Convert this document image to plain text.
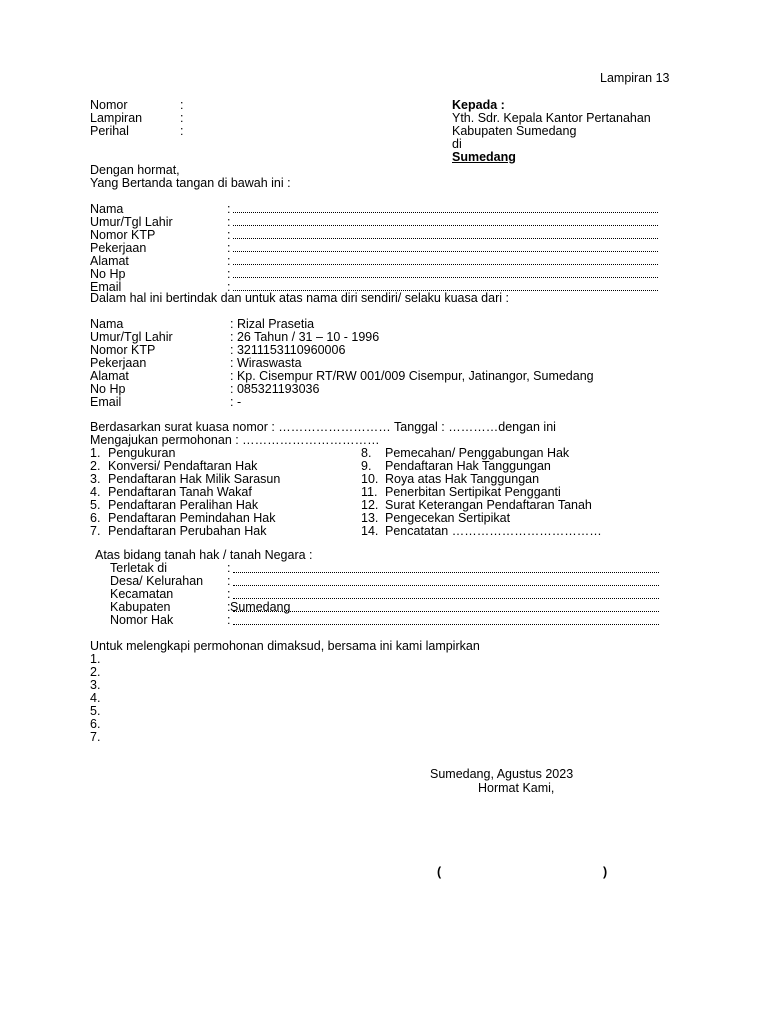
Lampiran 13
Nomor	:
Lampiran	:
Perihal	:
Kepada :
Yth. Sdr. Kepala Kantor Pertanahan
Kabupaten Sumedang
di
Sumedang
Dengan hormat,
Yang Bertanda tangan di bawah ini :
Nama	:
Umur/Tgl Lahir	:
Nomor KTP	:
Pekerjaan	:
Alamat	:
No Hp	:
Email	:
Dalam hal ini bertindak dan untuk atas nama diri sendiri/ selaku kuasa dari :
Nama	: Rizal Prasetia
Umur/Tgl Lahir	: 26 Tahun / 31 – 10 - 1996
Nomor KTP	: 3211153110960006
Pekerjaan	: Wiraswasta
Alamat	: Kp. Cisempur RT/RW 001/009 Cisempur, Jatinangor, Sumedang
No Hp	: 085321193036
Email	: -
Berdasarkan surat kuasa nomor : ……………………… Tanggal : …………dengan ini
Mengajukan permohonan : ……………………………
1. Pengukuran
2. Konversi/ Pendaftaran Hak
3. Pendaftaran Hak Milik Sarasun
4. Pendaftaran Tanah Wakaf
5. Pendaftaran Peralihan Hak
6. Pendaftaran Pemindahan Hak
7. Pendaftaran Perubahan Hak
8. Pemecahan/ Penggabungan Hak
9. Pendaftaran Hak Tanggungan
10. Roya atas Hak Tanggungan
11. Penerbitan Sertipikat Pengganti
12. Surat Keterangan Pendaftaran Tanah
13. Pengecekan Sertipikat
14. Pencatatan ………………………………
Atas bidang tanah hak / tanah Negara :
Terletak di	:
Desa/ Kelurahan :
Kecamatan	:
Kabupaten	: Sumedang
Nomor Hak	:
Untuk melengkapi permohonan dimaksud, bersama ini kami lampirkan
1.
2.
3.
4.
5.
6.
7.
Sumedang, Agustus 2023
Hormat Kami,
(	)
